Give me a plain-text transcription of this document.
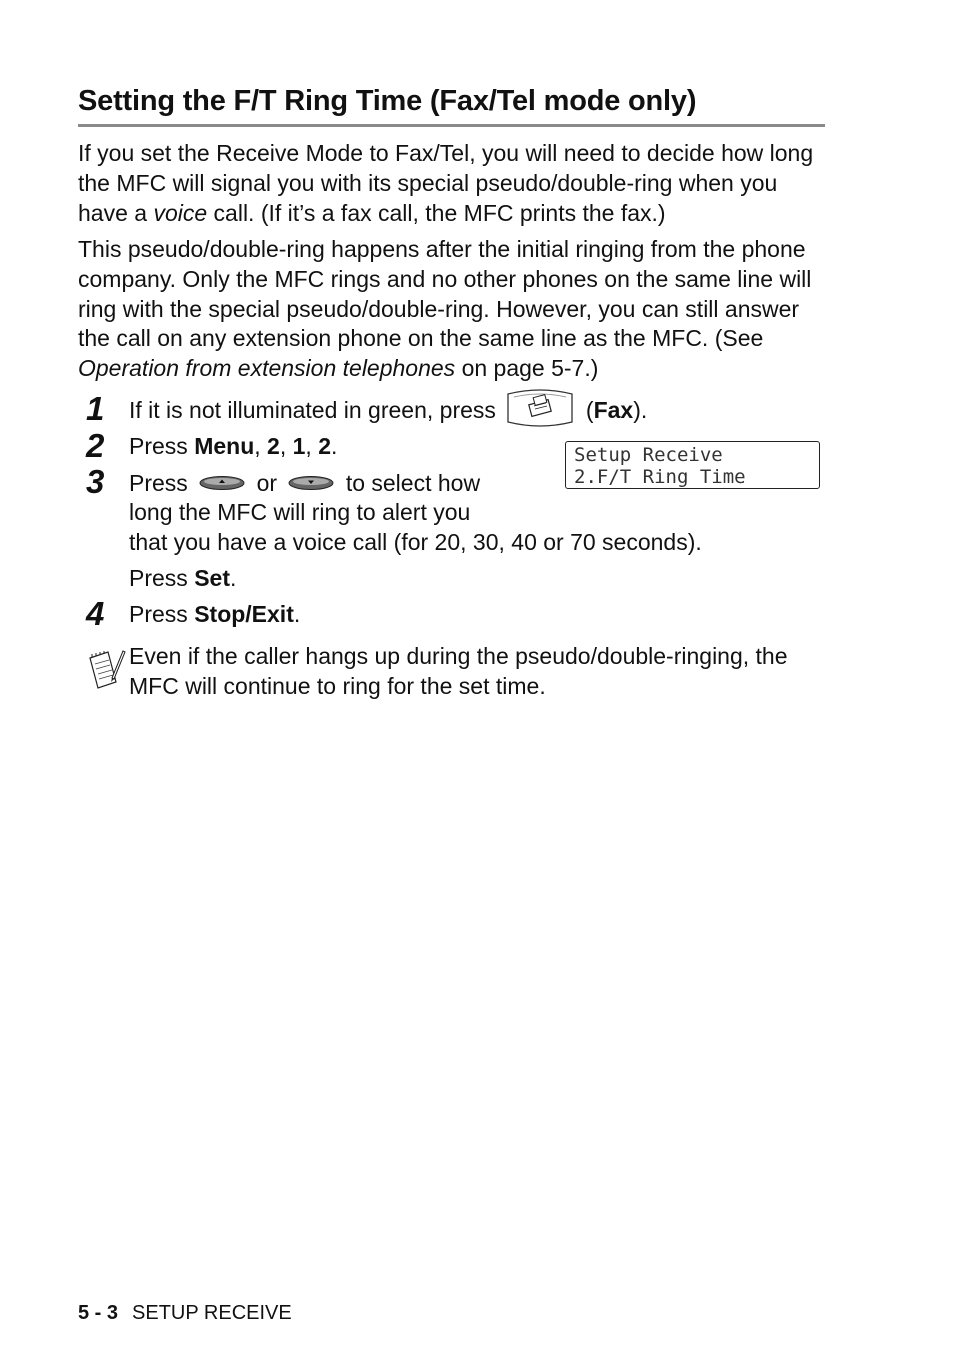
Setting the F/T Ring Time (Fax/Tel mode only)

If you set the Receive Mode to Fax/Tel, you will need to decide how long the MFC will signal you with its special pseudo/double-ring when you have a voice call. (If it’s a fax call, the MFC prints the fax.)

This pseudo/double-ring happens after the initial ringing from the phone company. Only the MFC rings and no other phones on the same line will ring with the special pseudo/double-ring. However, you can still answer the call on any extension phone on the same line as the MFC. (See Operation from extension telephones on page 5-7.)

1 If it is not illuminated in green, press	(Fax).
2 Press Menu, 2, 1, 2.	Setup Receive
2.F/T Ring Time
3 Press	or	to select how
long the MFC will ring to alert you
that you have a voice call (for 20, 30, 40 or 70 seconds).
Press Set.
4 Press Stop/Exit.
Even if the caller hangs up during the pseudo/double-ringing, the MFC will continue to ring for the set time.
5 - 3 SETUP RECEIVE
